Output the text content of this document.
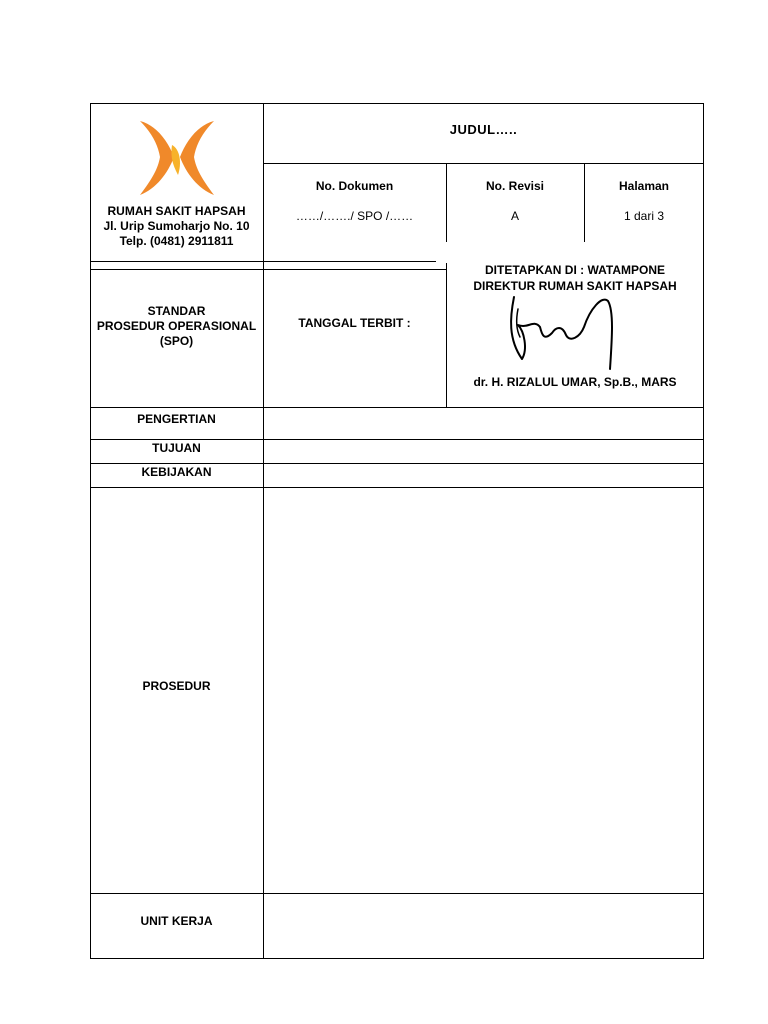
RUMAH SAKIT HAPSAH
Jl. Urip Sumoharjo No. 10
Telp. (0481) 2911811
JUDUL…..
No. Dokumen
……/……./ SPO /……
No. Revisi
A
Halaman
1 dari 3
STANDAR
PROSEDUR OPERASIONAL
(SPO)
TANGGAL TERBIT :
DITETAPKAN DI : WATAMPONE
DIREKTUR RUMAH SAKIT HAPSAH
dr. H. RIZALUL UMAR, Sp.B., MARS
PENGERTIAN
TUJUAN
KEBIJAKAN
PROSEDUR
UNIT KERJA
